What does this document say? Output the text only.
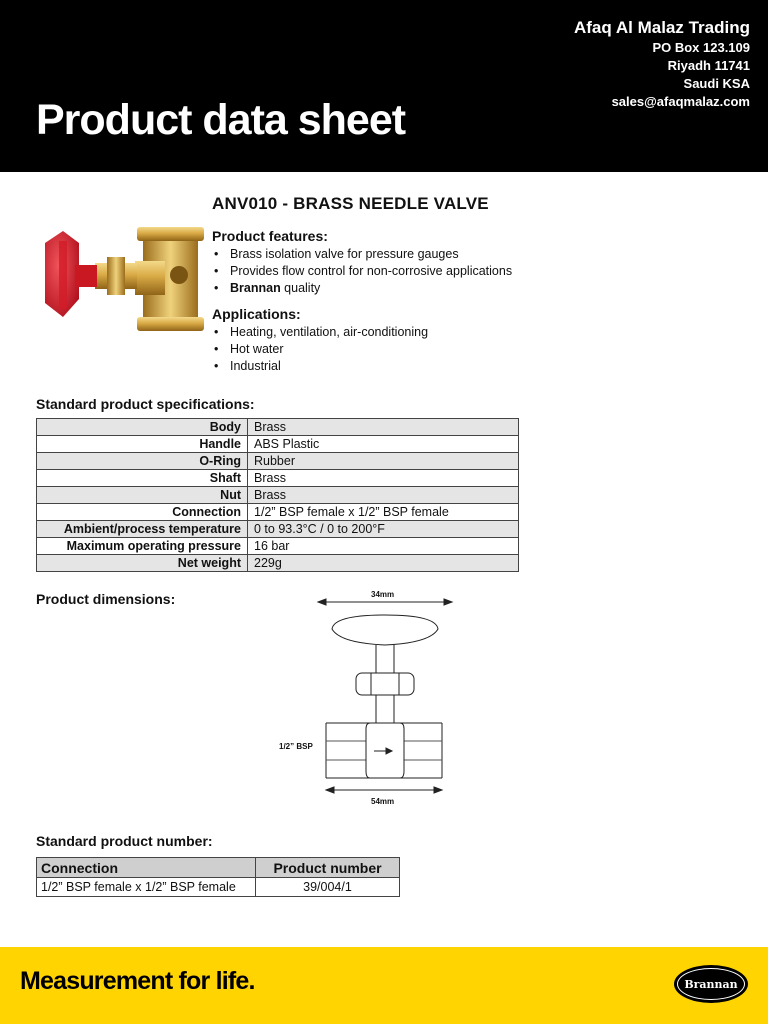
Product data sheet
Afaq Al Malaz Trading
PO Box 123.109
Riyadh 11741
Saudi KSA
sales@afaqmalaz.com
ANV010 - BRASS NEEDLE VALVE
Product features:
• Brass isolation valve for pressure gauges
• Provides flow control for non-corrosive applications
• Brannan quality
Applications:
• Heating, ventilation, air-conditioning
• Hot water
• Industrial
Standard product specifications:
Body	Brass
Handle	ABS Plastic
O-Ring	Rubber
Shaft	Brass
Nut	Brass
Connection	1/2” BSP female x 1/2” BSP female
Ambient/process temperature	0 to 93.3°C / 0 to 200°F
Maximum operating pressure	16 bar
Net weight	229g
Product dimensions:	34mm
1/2” BSP
54mm
Standard product number:
Connection	Product number
1/2” BSP female x 1/2” BSP female	39/004/1
Measurement for life.	Brannan
